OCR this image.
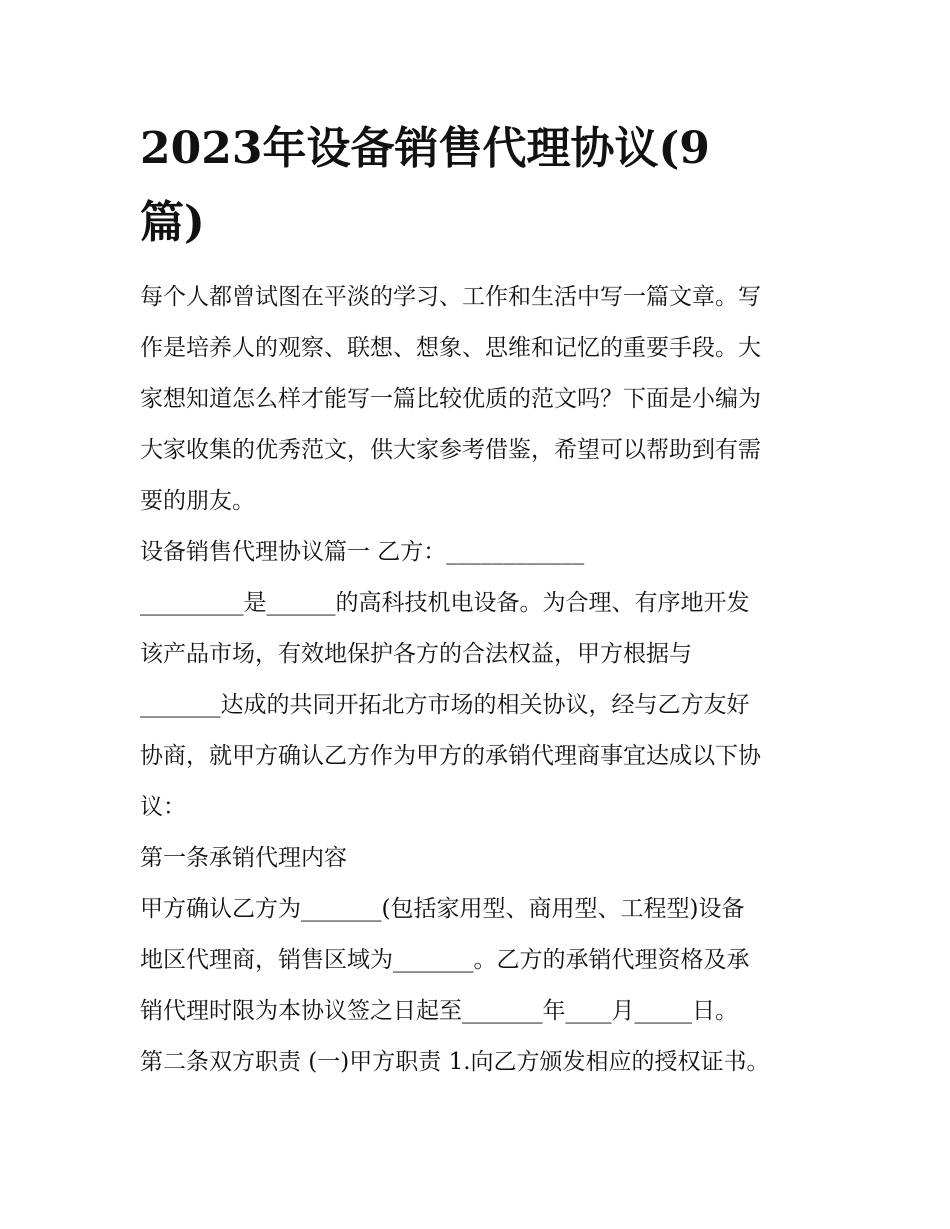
2023年设备销售代理协议(9
篇)

每个人都曾试图在平淡的学习、工作和生活中写一篇文章。写
作是培养人的观察、联想、想象、思维和记忆的重要手段。大
家想知道怎么样才能写一篇比较优质的范文吗？下面是小编为
大家收集的优秀范文，供大家参考借鉴，希望可以帮助到有需
要的朋友。

设备销售代理协议篇一 乙方：____________
_________是______的高科技机电设备。为合理、有序地开发
该产品市场，有效地保护各方的合法权益，甲方根据与
_______达成的共同开拓北方市场的相关协议，经与乙方友好
协商，就甲方确认乙方作为甲方的承销代理商事宜达成以下协
议：
第一条承销代理内容
甲方确认乙方为_______(包括家用型、商用型、工程型)设备
地区代理商，销售区域为_______。乙方的承销代理资格及承
销代理时限为本协议签之日起至_______年____月_____日。
第二条双方职责 (一)甲方职责 1.向乙方颁发相应的授权证书。
